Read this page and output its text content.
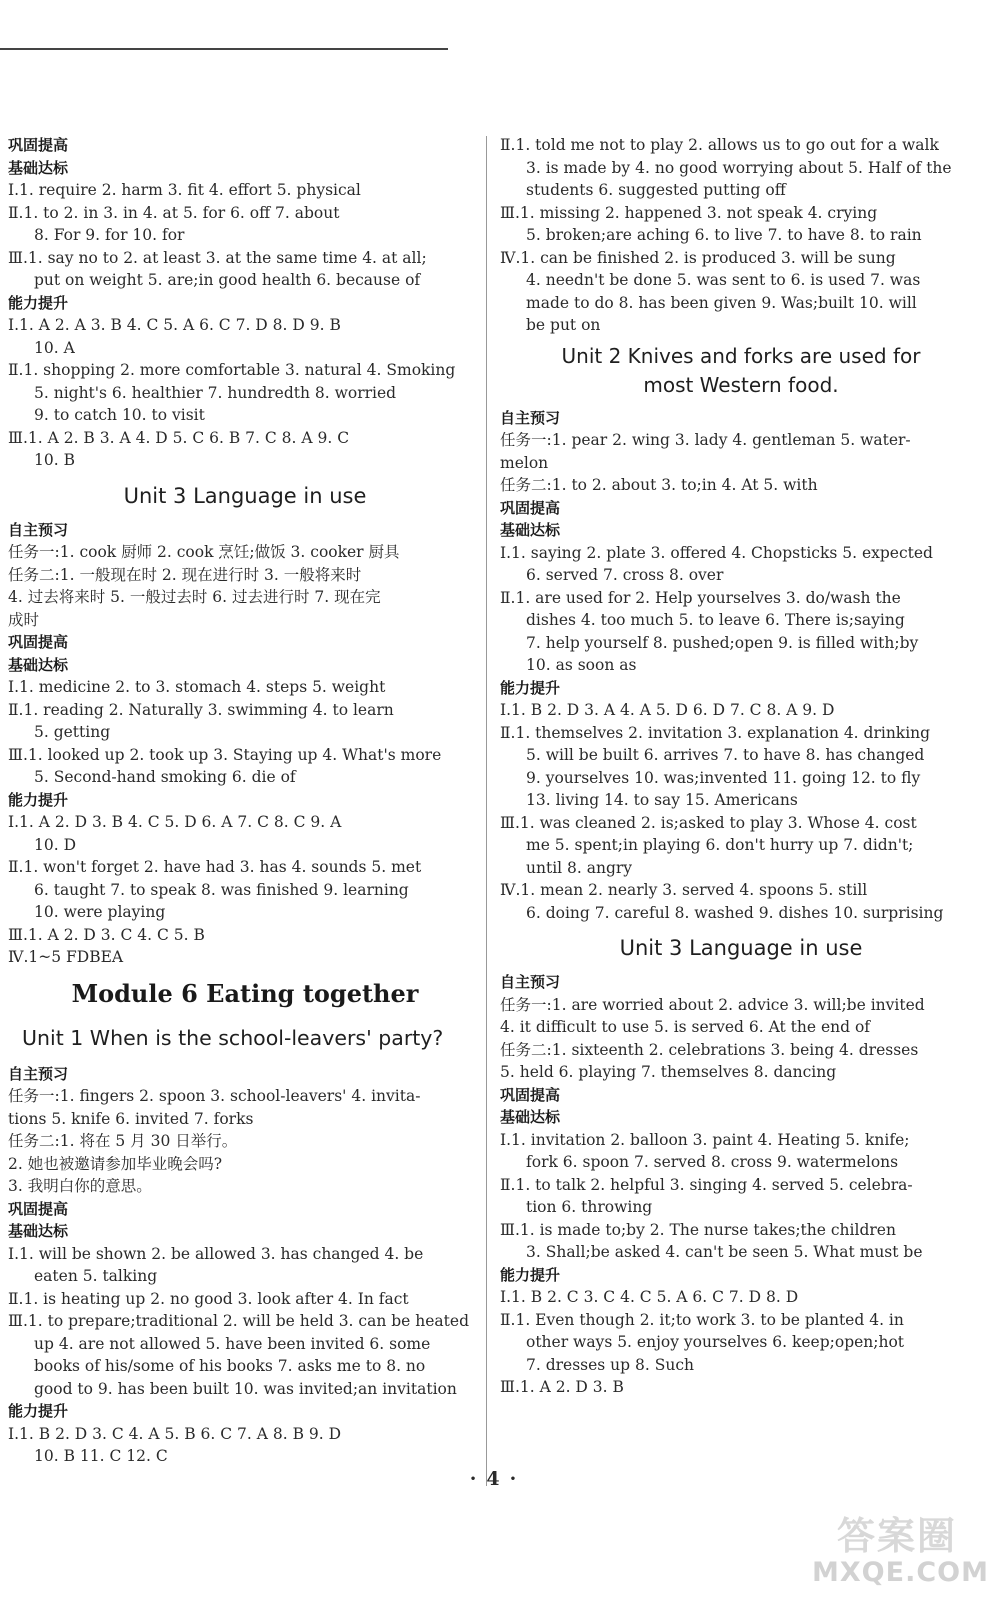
巩固提高
基础达标
Ⅰ.1. require 2. harm 3. fit 4. effort 5. physical
Ⅱ.1. to 2. in 3. in 4. at 5. for 6. off 7. about
8. For 9. for 10. for
Ⅲ.1. say no to 2. at least 3. at the same time 4. at all;
put on weight 5. are;in good health 6. because of
能力提升
Ⅰ.1. A 2. A 3. B 4. C 5. A 6. C 7. D 8. D 9. B
10. A
Ⅱ.1. shopping 2. more comfortable 3. natural 4. Smoking
5. night's 6. healthier 7. hundredth 8. worried
9. to catch 10. to visit
Ⅲ.1. A 2. B 3. A 4. D 5. C 6. B 7. C 8. A 9. C
10. B
Unit 3 Language in use
自主预习
任务一:1. cook 厨师 2. cook 烹饪;做饭 3. cooker 厨具
任务二:1. 一般现在时 2. 现在进行时 3. 一般将来时
4. 过去将来时 5. 一般过去时 6. 过去进行时 7. 现在完
成时
巩固提高
基础达标
Ⅰ.1. medicine 2. to 3. stomach 4. steps 5. weight
Ⅱ.1. reading 2. Naturally 3. swimming 4. to learn
5. getting
Ⅲ.1. looked up 2. took up 3. Staying up 4. What's more
5. Second-hand smoking 6. die of
能力提升
Ⅰ.1. A 2. D 3. B 4. C 5. D 6. A 7. C 8. C 9. A
10. D
Ⅱ.1. won't forget 2. have had 3. has 4. sounds 5. met
6. taught 7. to speak 8. was finished 9. learning
10. were playing
Ⅲ.1. A 2. D 3. C 4. C 5. B
Ⅳ.1~5 FDBEA
Module 6 Eating together
Unit 1 When is the school-leavers' party?
自主预习
任务一:1. fingers 2. spoon 3. school-leavers' 4. invita-
tions 5. knife 6. invited 7. forks
任务二:1. 将在 5 月 30 日举行。
2. 她也被邀请参加毕业晚会吗?
3. 我明白你的意思。
巩固提高
基础达标
Ⅰ.1. will be shown 2. be allowed 3. has changed 4. be
eaten 5. talking
Ⅱ.1. is heating up 2. no good 3. look after 4. In fact
Ⅲ.1. to prepare;traditional 2. will be held 3. can be heated
up 4. are not allowed 5. have been invited 6. some
books of his/some of his books 7. asks me to 8. no
good to 9. has been built 10. was invited;an invitation
能力提升
Ⅰ.1. B 2. D 3. C 4. A 5. B 6. C 7. A 8. B 9. D
10. B 11. C 12. C
Ⅱ.1. told me not to play 2. allows us to go out for a walk
3. is made by 4. no good worrying about 5. Half of the
students 6. suggested putting off
Ⅲ.1. missing 2. happened 3. not speak 4. crying
5. broken;are aching 6. to live 7. to have 8. to rain
Ⅳ.1. can be finished 2. is produced 3. will be sung
4. needn't be done 5. was sent to 6. is used 7. was
made to do 8. has been given 9. Was;built 10. will
be put on
Unit 2 Knives and forks are used for
most Western food.
自主预习
任务一:1. pear 2. wing 3. lady 4. gentleman 5. water-
melon
任务二:1. to 2. about 3. to;in 4. At 5. with
巩固提高
基础达标
Ⅰ.1. saying 2. plate 3. offered 4. Chopsticks 5. expected
6. served 7. cross 8. over
Ⅱ.1. are used for 2. Help yourselves 3. do/wash the
dishes 4. too much 5. to leave 6. There is;saying
7. help yourself 8. pushed;open 9. is filled with;by
10. as soon as
能力提升
Ⅰ.1. B 2. D 3. A 4. A 5. D 6. D 7. C 8. A 9. D
Ⅱ.1. themselves 2. invitation 3. explanation 4. drinking
5. will be built 6. arrives 7. to have 8. has changed
9. yourselves 10. was;invented 11. going 12. to fly
13. living 14. to say 15. Americans
Ⅲ.1. was cleaned 2. is;asked to play 3. Whose 4. cost
me 5. spent;in playing 6. don't hurry up 7. didn't;
until 8. angry
Ⅳ.1. mean 2. nearly 3. served 4. spoons 5. still
6. doing 7. careful 8. washed 9. dishes 10. surprising
Unit 3 Language in use
自主预习
任务一:1. are worried about 2. advice 3. will;be invited
4. it difficult to use 5. is served 6. At the end of
任务二:1. sixteenth 2. celebrations 3. being 4. dresses
5. held 6. playing 7. themselves 8. dancing
巩固提高
基础达标
Ⅰ.1. invitation 2. balloon 3. paint 4. Heating 5. knife;
fork 6. spoon 7. served 8. cross 9. watermelons
Ⅱ.1. to talk 2. helpful 3. singing 4. served 5. celebra-
tion 6. throwing
Ⅲ.1. is made to;by 2. The nurse takes;the children
3. Shall;be asked 4. can't be seen 5. What must be
能力提升
Ⅰ.1. B 2. C 3. C 4. C 5. A 6. C 7. D 8. D
Ⅱ.1. Even though 2. it;to work 3. to be planted 4. in
other ways 5. enjoy yourselves 6. keep;open;hot
7. dresses up 8. Such
Ⅲ.1. A 2. D 3. B
·4·
答案圈
MXQE.COM
